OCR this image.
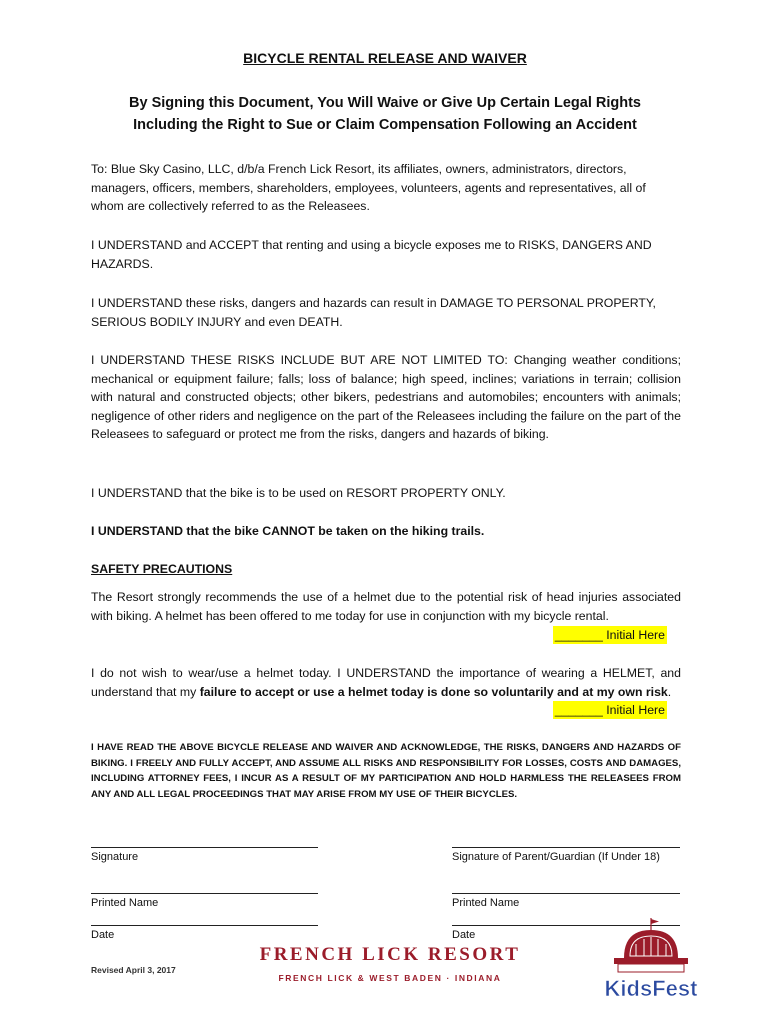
BICYCLE RENTAL RELEASE AND WAIVER
By Signing this Document, You Will Waive or Give Up Certain Legal Rights
Including the Right to Sue or Claim Compensation Following an Accident
To: Blue Sky Casino, LLC, d/b/a French Lick Resort, its affiliates, owners, administrators, directors, managers, officers, members, shareholders, employees, volunteers, agents and representatives, all of whom are collectively referred to as the Releasees.
I UNDERSTAND and ACCEPT that renting and using a bicycle exposes me to RISKS, DANGERS AND HAZARDS.
I UNDERSTAND these risks, dangers and hazards can result in DAMAGE TO PERSONAL PROPERTY, SERIOUS BODILY INJURY and even DEATH.
I UNDERSTAND THESE RISKS INCLUDE BUT ARE NOT LIMITED TO: Changing weather conditions; mechanical or equipment failure; falls; loss of balance; high speed, inclines; variations in terrain; collision with natural and constructed objects; other bikers, pedestrians and automobiles; encounters with animals; negligence of other riders and negligence on the part of the Releasees including the failure on the part of the Releasees to safeguard or protect me from the risks, dangers and hazards of biking.
I UNDERSTAND that the bike is to be used on RESORT PROPERTY ONLY.
I UNDERSTAND that the bike CANNOT be taken on the hiking trails.
SAFETY PRECAUTIONS
The Resort strongly recommends the use of a helmet due to the potential risk of head injuries associated with biking. A helmet has been offered to me today for use in conjunction with my bicycle rental.
_______ Initial Here
I do not wish to wear/use a helmet today. I UNDERSTAND the importance of wearing a HELMET, and understand that my failure to accept or use a helmet today is done so voluntarily and at my own risk.
_______ Initial Here
I HAVE READ THE ABOVE BICYCLE RELEASE AND WAIVER AND ACKNOWLEDGE, THE RISKS, DANGERS AND HAZARDS OF BIKING. I FREELY AND FULLY ACCEPT, AND ASSUME ALL RISKS AND RESPONSIBILITY FOR LOSSES, COSTS AND DAMAGES, INCLUDING ATTORNEY FEES, I INCUR AS A RESULT OF MY PARTICIPATION AND HOLD HARMLESS THE RELEASEES FROM ANY AND ALL LEGAL PROCEEDINGS THAT MAY ARISE FROM MY USE OF THEIR BICYCLES.
Signature	Signature of Parent/Guardian (If Under 18)
Printed Name	Printed Name
Date	Date
Revised April 3, 2017
FRENCH LICK RESORT
FRENCH LICK & WEST BADEN · INDIANA	KidsFest
